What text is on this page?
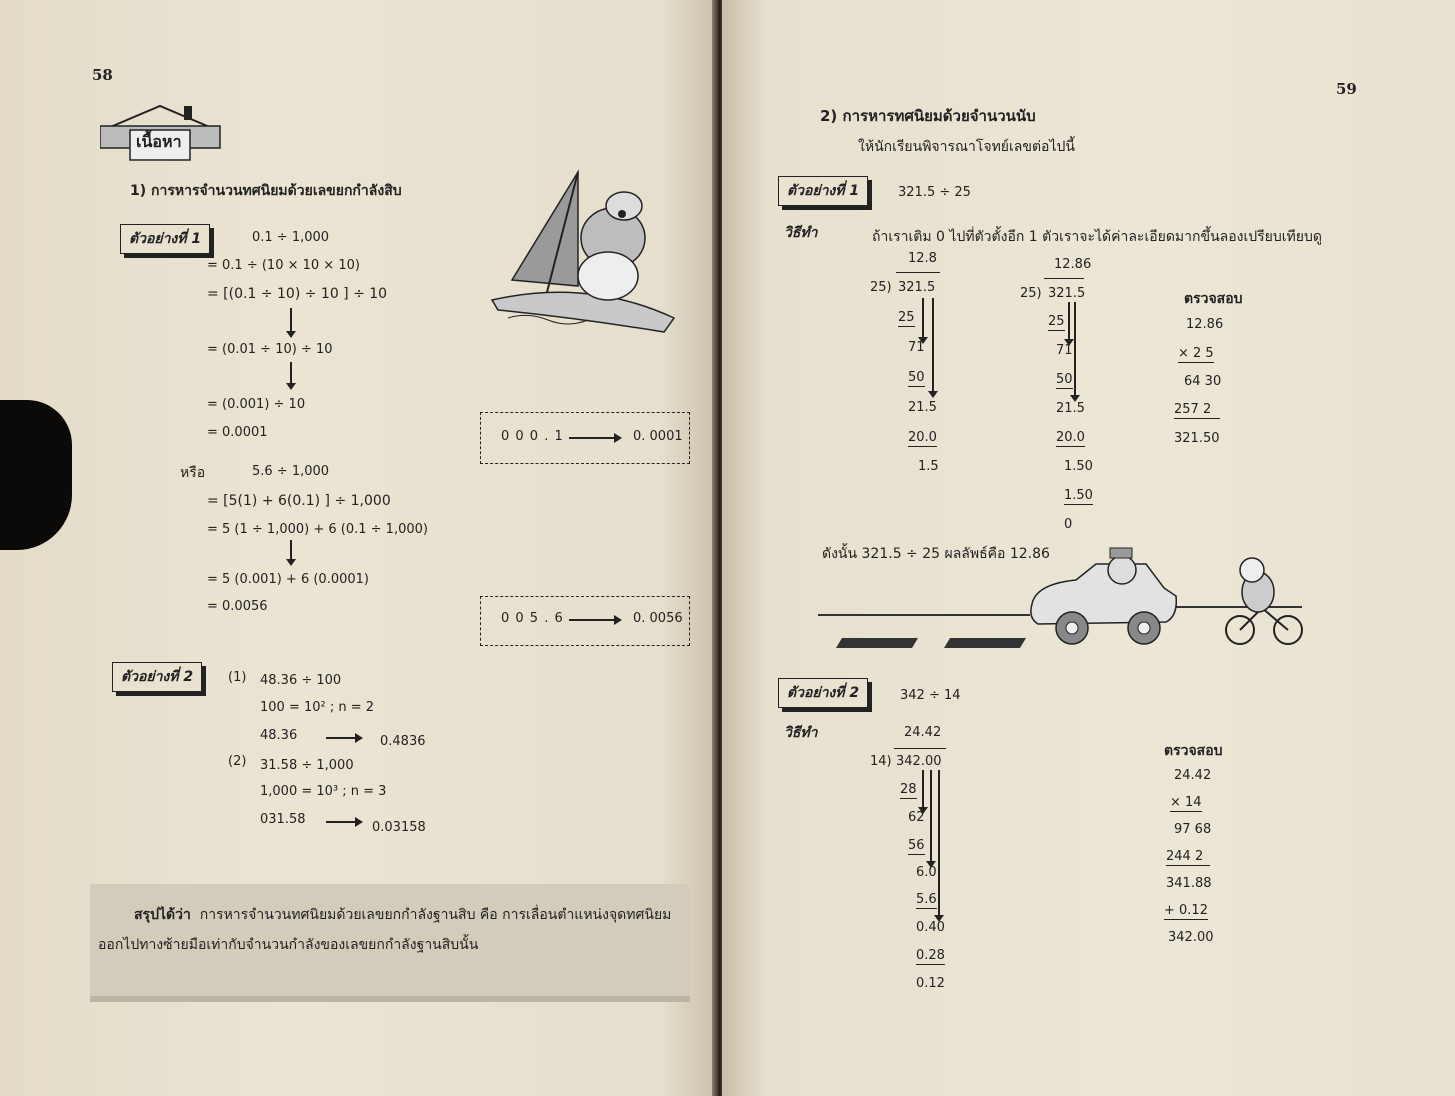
58
เนื้อหา
1) การหารจำนวนทศนิยมด้วยเลขยกกำลังสิบ
ตัวอย่างที่ 1	0.1 ÷ 1,000
= 0.1 ÷ (10 × 10 × 10)
= [(0.1 ÷ 10) ÷ 10 ] ÷ 10
= (0.01 ÷ 10) ÷ 10
= (0.001) ÷ 10
= 0.0001	0 0 0 . 1	0. 0001
หรือ	5.6 ÷ 1,000
= [5(1) + 6(0.1) ] ÷ 1,000
= 5 (1 ÷ 1,000) + 6 (0.1 ÷ 1,000)
= 5 (0.001) + 6 (0.0001)
= 0.0056
0 0 5 . 6	0. 0056
ตัวอย่างที่ 2	(1) 48.36 ÷ 100
100 = 10² ; n = 2
48.36	0.4836
(2) 31.58 ÷ 1,000
1,000 = 10³ ; n = 3
031.58
0.03158
สรุปได้ว่า การหารจำนวนทศนิยมด้วยเลขยกกำลังฐานสิบ คือ การเลื่อนตำแหน่งจุดทศนิยม
ออกไปทางซ้ายมือเท่ากับจำนวนกำลังของเลขยกกำลังฐานสิบนั้น
59
2) การหารทศนิยมด้วยจำนวนนับ
ให้นักเรียนพิจารณาโจทย์เลขต่อไปนี้
ตัวอย่างที่ 1	321.5 ÷ 25
วิธีทำ	ถ้าเราเติม 0 ไปที่ตัวตั้งอีก 1 ตัวเราจะได้ค่าละเอียดมากขึ้นลองเปรียบเทียบดู
12.8
25) 321.5
25
71
50
21.5
20.0
1.5
12.86
25) 321.5
25
71
50
21.5
20.0
1.50
1.50
0
ตรวจสอบ
12.86
× 2 5
64 30
257 2
321.50
ดังนั้น 321.5 ÷ 25 ผลลัพธ์คือ 12.86
ตัวอย่างที่ 2	342 ÷ 14
วิธีทำ	24.42
14) 342.00
28
62
56
6.0
5.6
0.40
0.28
0.12
ตรวจสอบ
24.42
× 14
97 68
244 2
341.88
+ 0.12
342.00
